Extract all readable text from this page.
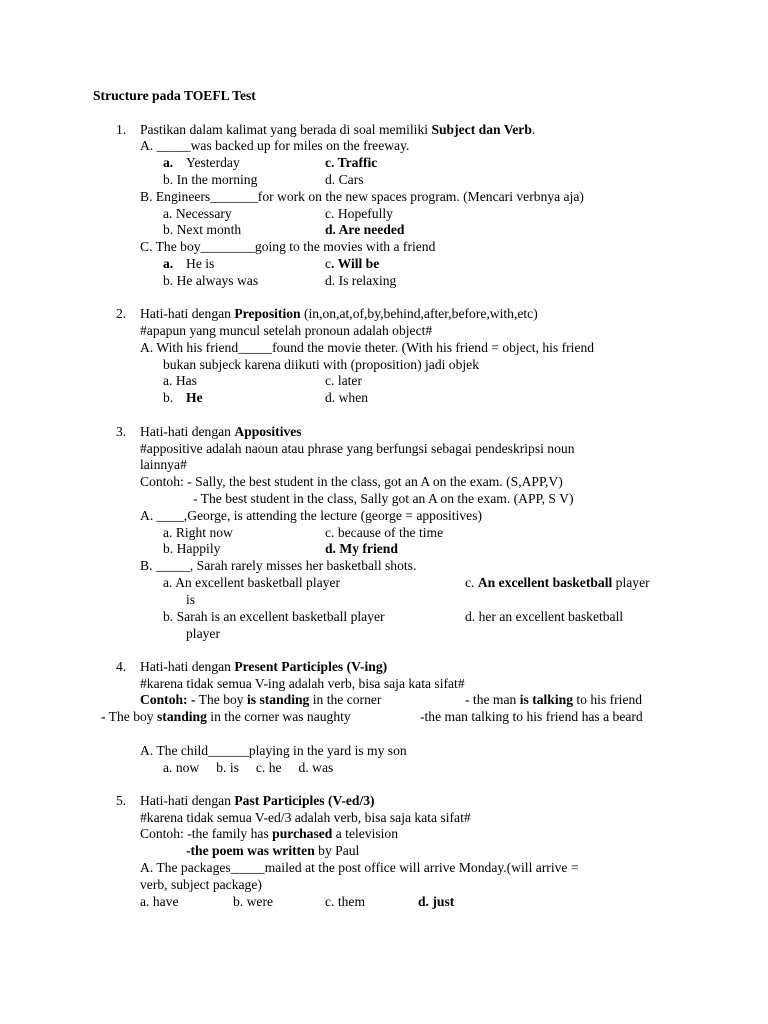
Structure pada TOEFL Test
1. Pastikan dalam kalimat yang berada di soal memiliki Subject dan Verb.
A. _____was backed up for miles on the freeway.
a. Yesterday	c. Traffic
b. In the morning	d. Cars
B. Engineers_______for work on the new spaces program. (Mencari verbnya aja)
a. Necessary	c. Hopefully
b. Next month	d. Are needed
C. The boy________going to the movies with a friend
a. He is	c. Will be
b. He always was	d. Is relaxing
2. Hati-hati dengan Preposition (in,on,at,of,by,behind,after,before,with,etc)
#apapun yang muncul setelah pronoun adalah object#
A. With his friend_____found the movie theter. (With his friend = object, his friend
bukan subjeck karena diikuti with (proposition) jadi objek
a. Has	c. later
b. He	d. when
3. Hati-hati dengan Appositives
#appositive adalah naoun atau phrase yang berfungsi sebagai pendeskripsi noun
lainnya#
Contoh: - Sally, the best student in the class, got an A on the exam. (S,APP,V)
- The best student in the class, Sally got an A on the exam. (APP, S V)
A. ____,George, is attending the lecture (george = appositives)
a. Right now	c. because of the time
b. Happily	d. My friend
B. _____, Sarah rarely misses her basketball shots.
a. An excellent basketball player	c. An excellent basketball player
is
b. Sarah is an excellent basketball player	d. her an excellent basketball
player
4. Hati-hati dengan Present Participles (V-ing)
#karena tidak semua V-ing adalah verb, bisa saja kata sifat#
Contoh: - The boy is standing in the corner	- the man is talking to his friend
- The boy standing in the corner was naughty	-the man talking to his friend has a beard
A. The child______playing in the yard is my son
a. now     b. is     c. he     d. was
5. Hati-hati dengan Past Participles (V-ed/3)
#karena tidak semua V-ed/3 adalah verb, bisa saja kata sifat#
Contoh: -the family has purchased a television
-the poem was written by Paul
A. The packages_____mailed at the post office will arrive Monday.(will arrive =
verb, subject package)
a. have	b. were	c. them	d. just
